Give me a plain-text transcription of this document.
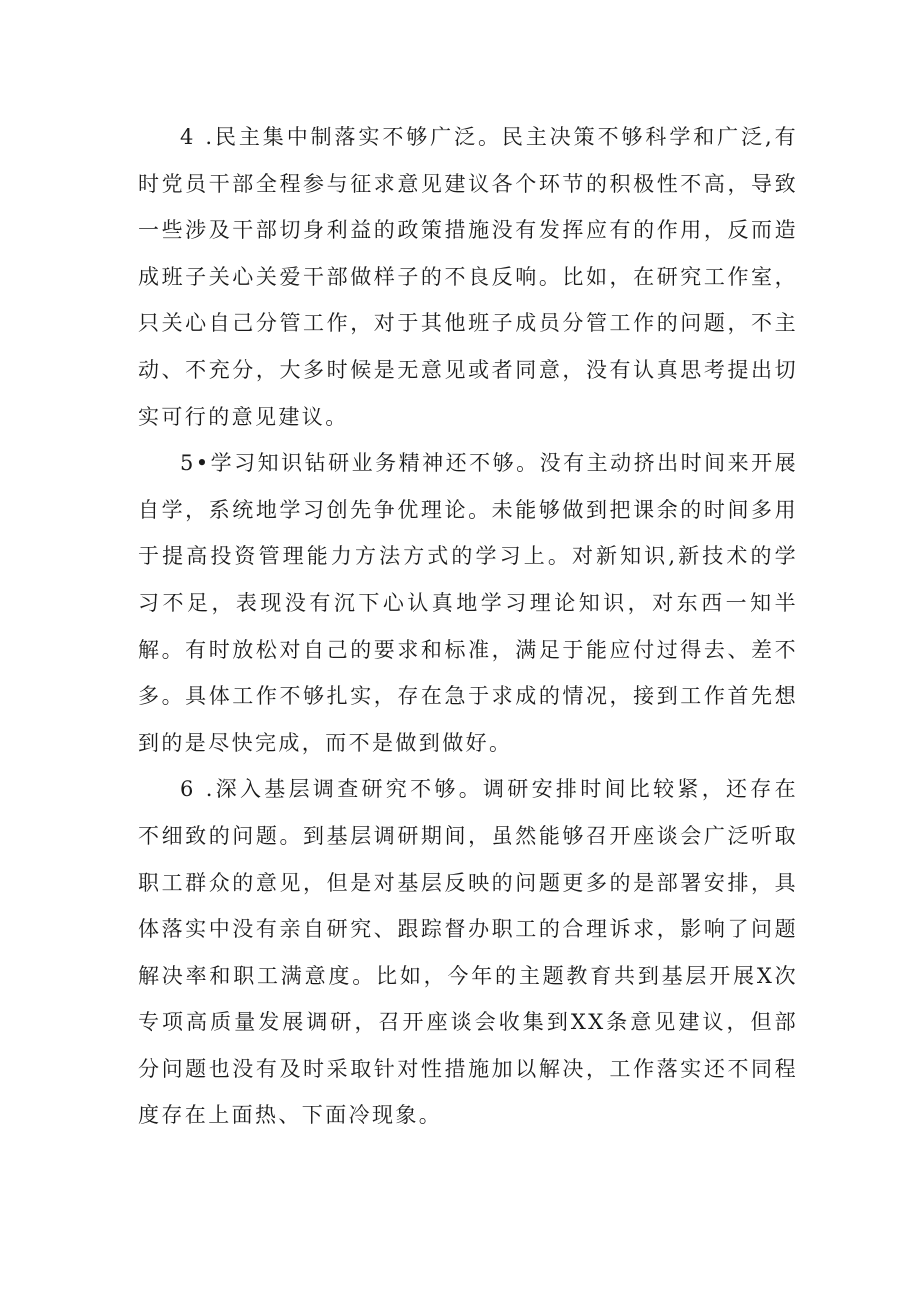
4 .民主集中制落实不够广泛。民主决策不够科学和广泛,有时党员干部全程参与征求意见建议各个环节的积极性不高，导致一些涉及干部切身利益的政策措施没有发挥应有的作用，反而造成班子关心关爱干部做样子的不良反响。比如，在研究工作室，只关心自己分管工作，对于其他班子成员分管工作的问题，不主动、不充分，大多时候是无意见或者同意，没有认真思考提出切实可行的意见建议。

5•学习知识钻研业务精神还不够。没有主动挤出时间来开展自学，系统地学习创先争优理论。未能够做到把课余的时间多用于提高投资管理能力方法方式的学习上。对新知识,新技术的学习不足，表现没有沉下心认真地学习理论知识，对东西一知半解。有时放松对自己的要求和标准，满足于能应付过得去、差不多。具体工作不够扎实，存在急于求成的情况，接到工作首先想到的是尽快完成，而不是做到做好。

6 .深入基层调查研究不够。调研安排时间比较紧，还存在不细致的问题。到基层调研期间，虽然能够召开座谈会广泛听取职工群众的意见，但是对基层反映的问题更多的是部署安排，具体落实中没有亲自研究、跟踪督办职工的合理诉求，影响了问题解决率和职工满意度。比如，今年的主题教育共到基层开展X次专项高质量发展调研，召开座谈会收集到XX条意见建议，但部分问题也没有及时采取针对性措施加以解决，工作落实还不同程度存在上面热、下面冷现象。
